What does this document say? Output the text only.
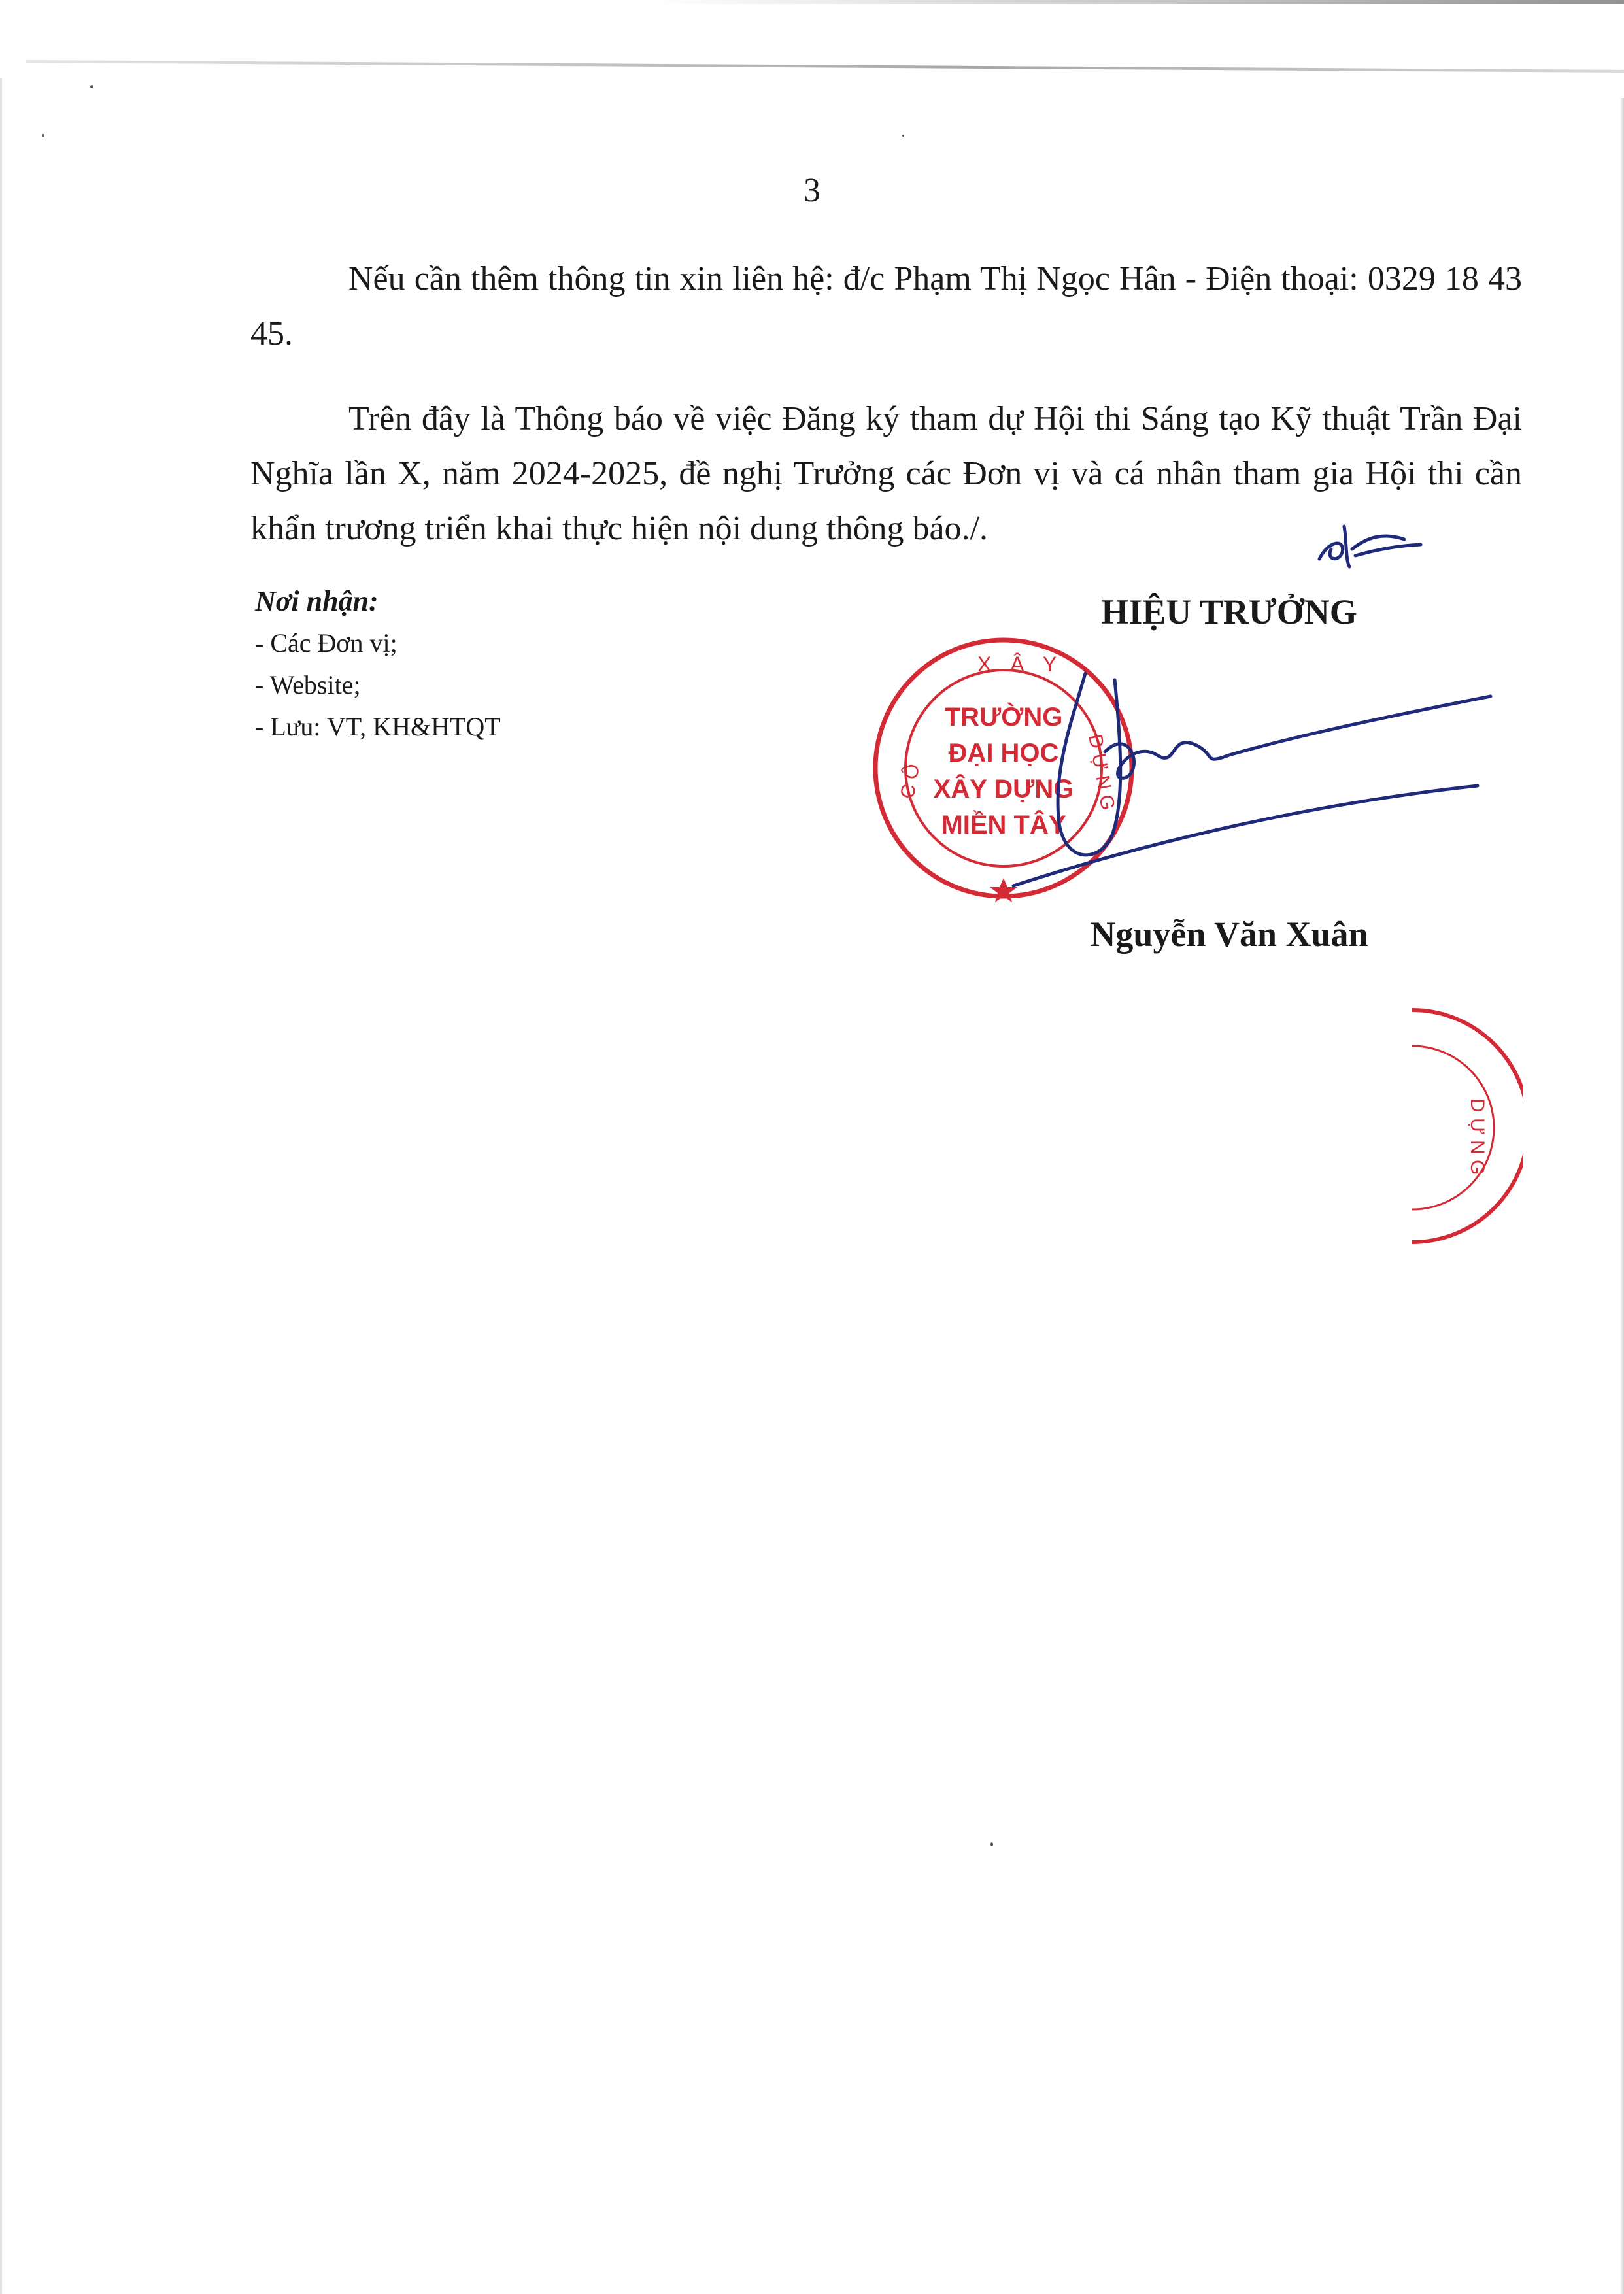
3

Nếu cần thêm thông tin xin liên hệ: đ/c Phạm Thị Ngọc Hân - Điện thoại: 0329 18 43 45.

Trên đây là Thông báo về việc Đăng ký tham dự Hội thi Sáng tạo Kỹ thuật Trần Đại Nghĩa lần X, năm 2024-2025, đề nghị Trưởng các Đơn vị và cá nhân tham gia Hội thi cần khẩn trương triển khai thực hiện nội dung thông báo./.

Nơi nhận:
- Các Đơn vị;
- Website;
- Lưu: VT, KH&HTQT
HIỆU TRƯỞNG
X Â Y
C Ô	D Ự N G
TRƯỜNG
ĐẠI HỌC
XÂY DỰNG
MIỀN TÂY
Nguyễn Văn Xuân
D Ự N G
